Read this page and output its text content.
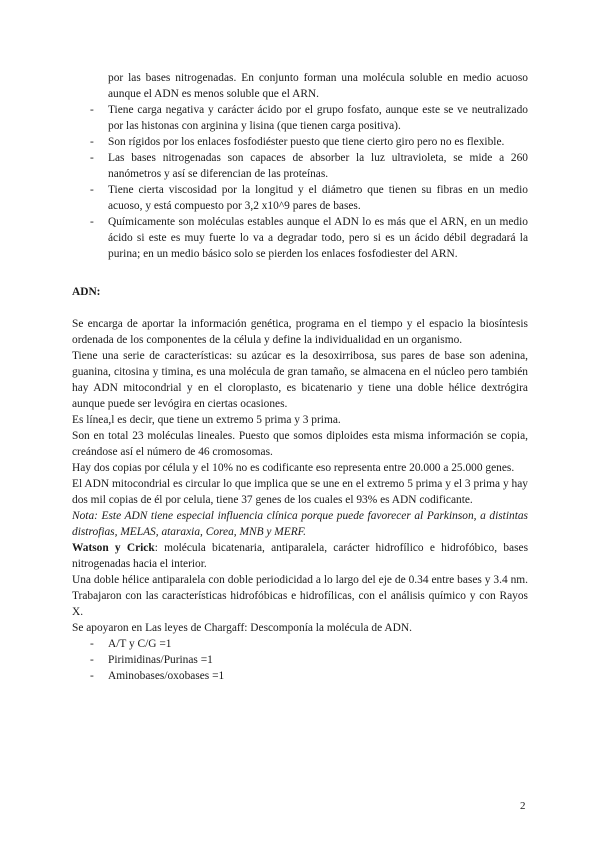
por las bases nitrogenadas. En conjunto forman una molécula soluble en medio acuoso aunque el ADN es menos soluble que el ARN.

- Tiene carga negativa y carácter ácido por el grupo fosfato, aunque este se ve neutralizado por las histonas con arginina y lisina (que tienen carga positiva).
- Son rígidos por los enlaces fosfodiéster puesto que tiene cierto giro pero no es flexible.
- Las bases nitrogenadas son capaces de absorber la luz ultravioleta, se mide a 260 nanómetros y así se diferencian de las proteínas.
- Tiene cierta viscosidad por la longitud y el diámetro que tienen su fibras en un medio acuoso, y está compuesto por 3,2 x10^9 pares de bases.
- Químicamente son moléculas estables aunque el ADN lo es más que el ARN, en un medio ácido si este es muy fuerte lo va a degradar todo, pero si es un ácido débil degradará la purina; en un medio básico solo se pierden los enlaces fosfodiester del ARN.

ADN:

Se encarga de aportar la información genética, programa en el tiempo y el espacio la biosíntesis ordenada de los componentes de la célula y define la individualidad en un organismo.

Tiene una serie de características: su azúcar es la desoxirribosa, sus pares de base son adenina, guanina, citosina y timina, es una molécula de gran tamaño, se almacena en el núcleo pero también hay ADN mitocondrial y en el cloroplasto, es bicatenario y tiene una doble hélice dextrógira aunque puede ser levógira en ciertas ocasiones.

Es línea,l es decir, que tiene un extremo 5 prima y 3 prima.

Son en total 23 moléculas lineales. Puesto que somos diploides esta misma información se copia, creándose así el número de 46 cromosomas.

Hay dos copias por célula y el 10% no es codificante eso representa entre 20.000 a 25.000 genes.

El ADN mitocondrial es circular lo que implica que se une en el extremo 5 prima y el 3 prima y hay dos mil copias de él por celula, tiene 37 genes de los cuales el 93% es ADN codificante.

Nota: Este ADN tiene especial influencia clínica porque puede favorecer al Parkinson, a distintas distrofias, MELAS, ataraxia, Corea, MNB y MERF.

Watson y Crick: molécula bicatenaria, antiparalela, carácter hidrofílico e hidrofóbico, bases nitrogenadas hacia el interior.

Una doble hélice antiparalela con doble periodicidad a lo largo del eje de 0.34 entre bases y 3.4 nm. Trabajaron con las características hidrofóbicas e hidrofílicas, con el análisis químico y con Rayos X.

Se apoyaron en Las leyes de Chargaff: Descomponía la molécula de ADN.

- A/T y C/G =1
- Pirimidinas/Purinas =1
- Aminobases/oxobases =1
2
